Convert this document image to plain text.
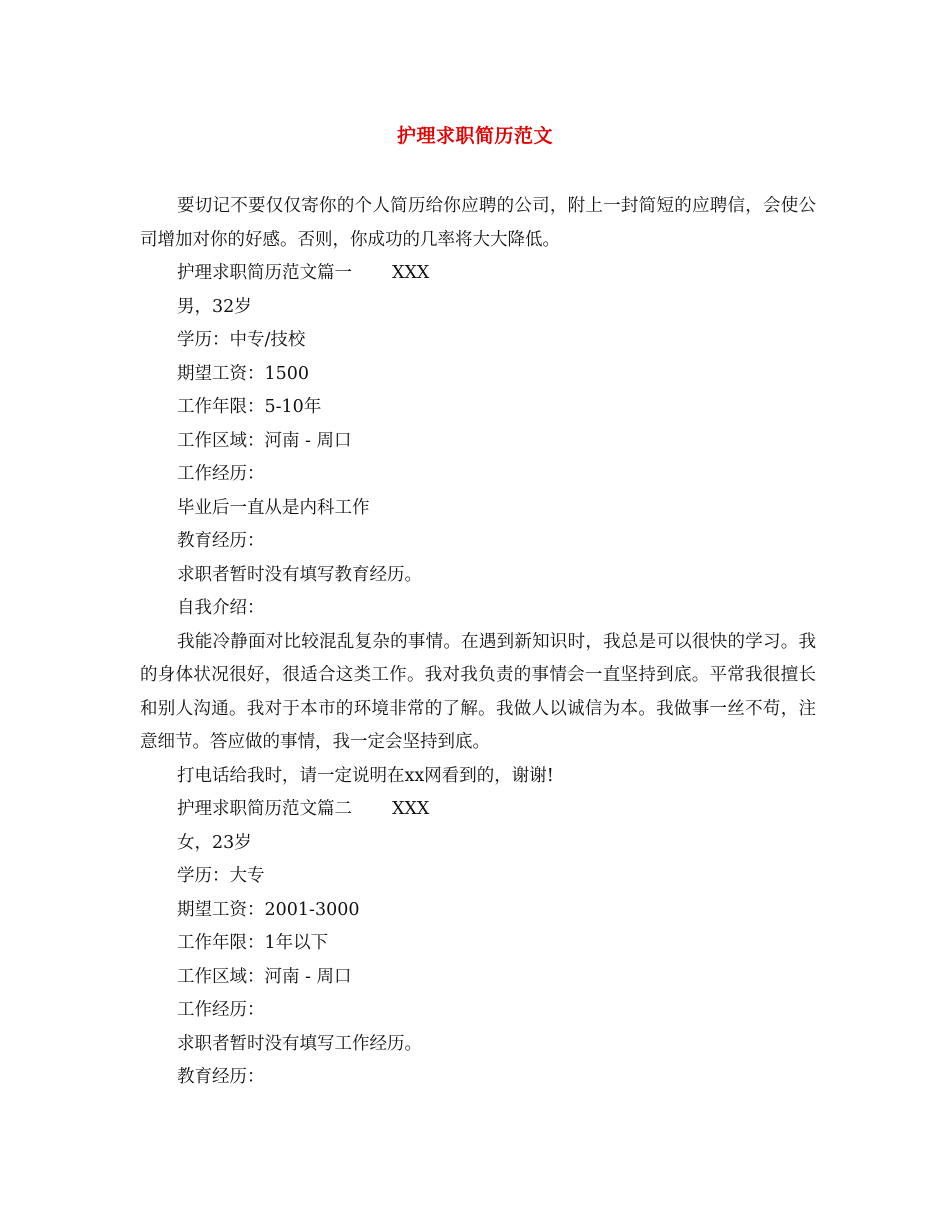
护理求职简历范文

要切记不要仅仅寄你的个人简历给你应聘的公司，附上一封简短的应聘信，会使公司增加对你的好感。否则，你成功的几率将大大降低。

护理求职简历范文篇一 XXX

男，32岁

学历：中专/技校

期望工资：1500

工作年限：5-10年

工作区域：河南 - 周口

工作经历：

毕业后一直从是内科工作

教育经历：

求职者暂时没有填写教育经历。

自我介绍：

我能冷静面对比较混乱复杂的事情。在遇到新知识时，我总是可以很快的学习。我的身体状况很好，很适合这类工作。我对我负责的事情会一直坚持到底。平常我很擅长和别人沟通。我对于本市的环境非常的了解。我做人以诚信为本。我做事一丝不苟，注意细节。答应做的事情，我一定会坚持到底。

打电话给我时，请一定说明在xx网看到的，谢谢!

护理求职简历范文篇二 XXX

女，23岁

学历：大专

期望工资：2001-3000

工作年限：1年以下

工作区域：河南 - 周口

工作经历：

求职者暂时没有填写工作经历。

教育经历：
